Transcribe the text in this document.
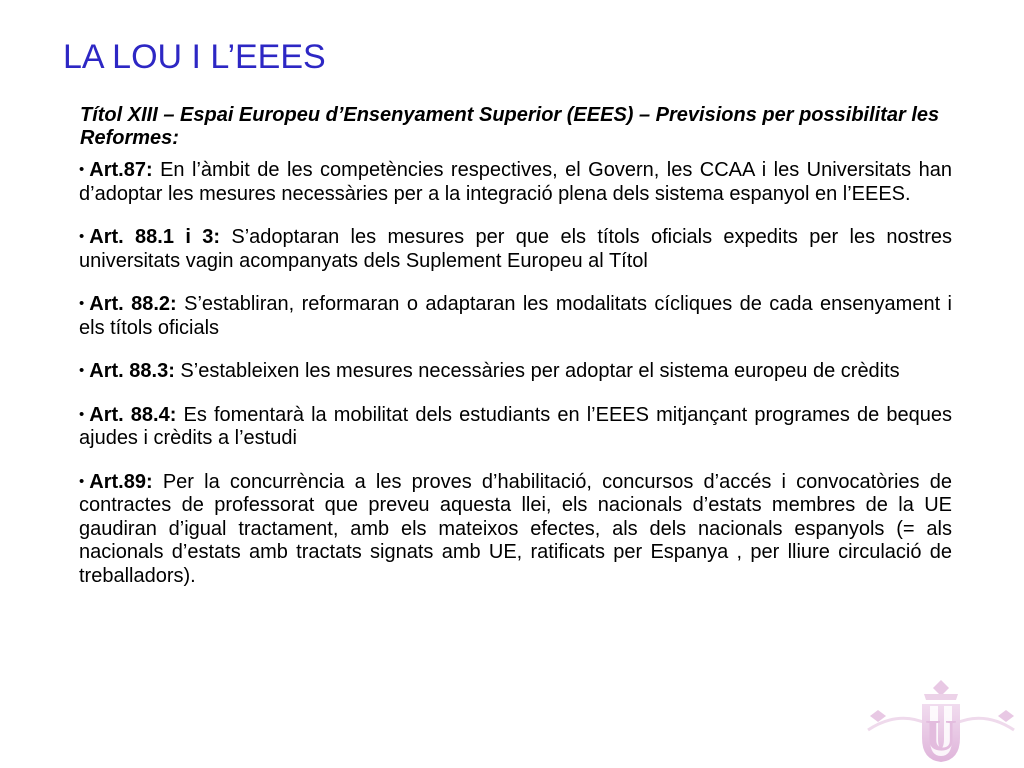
LA LOU I L’EEES

Títol XIII – Espai Europeu d’Ensenyament Superior (EEES) – Previsions per possibilitar les Reformes:

• Art.87: En l’àmbit de les competències respectives, el Govern, les CCAA i les Universitats han d’adoptar les mesures necessàries per a la integració plena dels sistema espanyol en l’EEES.
• Art. 88.1 i 3: S’adoptaran les mesures per que els títols oficials expedits per les nostres universitats vagin acompanyats dels Suplement Europeu al Títol
• Art. 88.2: S’establiran, reformaran o adaptaran les modalitats cícliques de cada ensenyament i els títols oficials
• Art. 88.3: S’estableixen les mesures necessàries per adoptar el sistema europeu de crèdits
• Art. 88.4: Es fomentarà la mobilitat dels estudiants en l’EEES mitjançant programes de beques ajudes i crèdits a l’estudi
• Art.89: Per la concurrència a les proves d’habilitació, concursos d’accés i convocatòries de contractes de professorat que preveu aquesta llei, els nacionals d’estats membres de la UE gaudiran d’igual tractament, amb els mateixos efectes, als dels nacionals espanyols (= als nacionals d’estats amb tractats signats amb UE, ratificats per Espanya , per lliure circulació de treballadors).
U
